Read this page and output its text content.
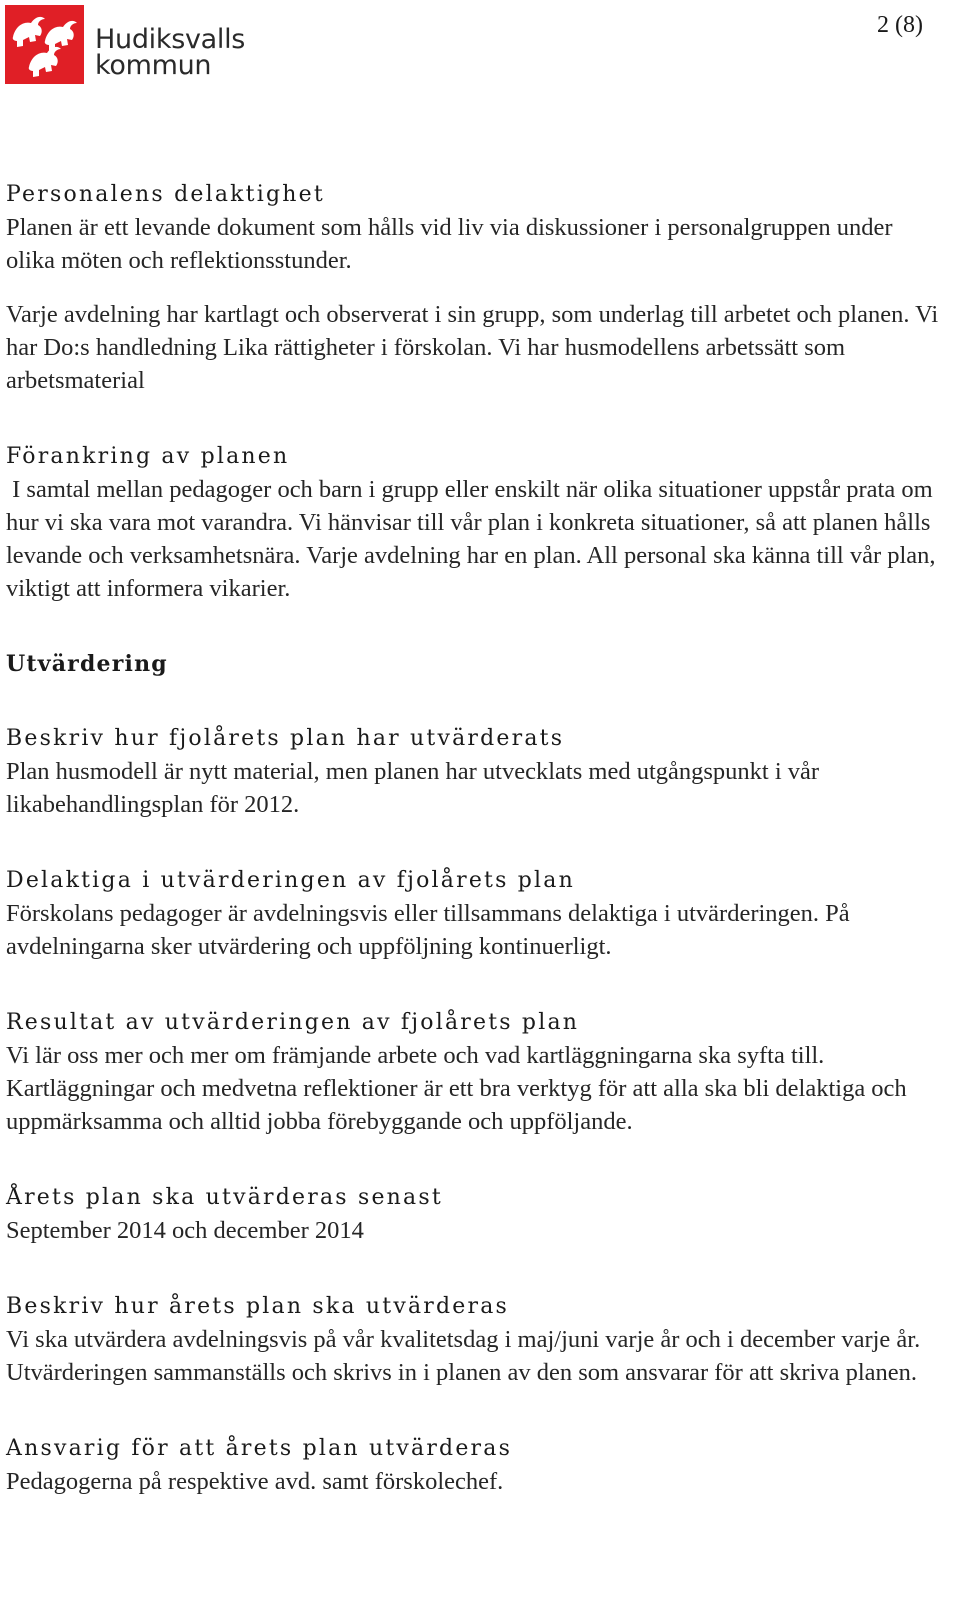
Hudiksvalls
kommun
2 (8)
Personalens delaktighet

Planen är ett levande dokument som hålls vid liv via diskussioner i personalgruppen under olika möten och reflektionsstunder.

Varje avdelning har kartlagt och observerat i sin grupp, som underlag till arbetet och planen. Vi har Do:s handledning Lika rättigheter i förskolan. Vi har husmodellens arbetssätt som arbetsmaterial

Förankring av planen

I samtal mellan pedagoger och barn i grupp eller enskilt när olika situationer uppstår prata om hur vi ska vara mot varandra. Vi hänvisar till vår plan i konkreta situationer, så att planen hålls levande och verksamhetsnära. Varje avdelning har en plan. All personal ska känna till vår plan, viktigt att informera vikarier.

Utvärdering
Beskriv hur fjolårets plan har utvärderats

Plan husmodell är nytt material, men planen har utvecklats med utgångspunkt i vår likabehandlingsplan för 2012.

Delaktiga i utvärderingen av fjolårets plan

Förskolans pedagoger är avdelningsvis eller tillsammans delaktiga i utvärderingen. På avdelningarna sker utvärdering och uppföljning kontinuerligt.

Resultat av utvärderingen av fjolårets plan

Vi lär oss mer och mer om främjande arbete och vad kartläggningarna ska syfta till. Kartläggningar och medvetna reflektioner är ett bra verktyg för att alla ska bli delaktiga och uppmärksamma och alltid jobba förebyggande och uppföljande.

Årets plan ska utvärderas senast

September 2014 och december 2014

Beskriv hur årets plan ska utvärderas

Vi ska utvärdera avdelningsvis på vår kvalitetsdag i maj/juni varje år och i december varje år. Utvärderingen sammanställs och skrivs in i planen av den som ansvarar för att skriva planen.

Ansvarig för att årets plan utvärderas

Pedagogerna på respektive avd. samt förskolechef.
